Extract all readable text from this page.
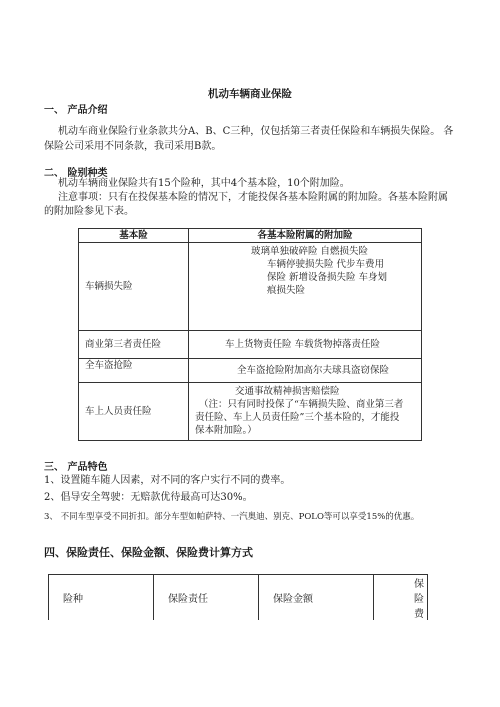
机动车辆商业保险
一、 产品介绍
机动车商业保险行业条款共分A、B、C三种，仅包括第三者责任保险和车辆损失保险。 各
保险公司采用不同条款，我司采用B款。
二、 险别种类
机动车辆商业保险共有15个险种，其中4个基本险，10个附加险。
注意事项：只有在投保基本险的情况下，才能投保各基本险附属的附加险。各基本险附属
的附加险参见下表。
基本险	各基本险附属的附加险
车辆损失险	玻璃单独破碎险 自燃损失险
车辆停驶损失险 代步车费用
保险 新增设备损失险 车身划
痕损失险

商业第三者责任险	车上货物责任险 车载货物掉落责任险
全车盗抢险	全车盗抢险附加高尔夫球具盗窃保险
车上人员责任险	交通事故精神损害赔偿险
（注：只有同时投保了“车辆损失险、商业第三者
责任险、车上人员责任险”三个基本险的，才能投
保本附加险。）
三、 产品特色
1、设置随车随人因素，对不同的客户实行不同的费率。
2、倡导安全驾驶：无赔款优待最高可达30%。
3、 不同车型享受不同折扣。部分车型如帕萨特、一汽奥迪、别克、POLO等可以享受15%的优惠。
四、保险责任、保险金额、保险费计算方式
险种	保险责任	保险金额	保险费
